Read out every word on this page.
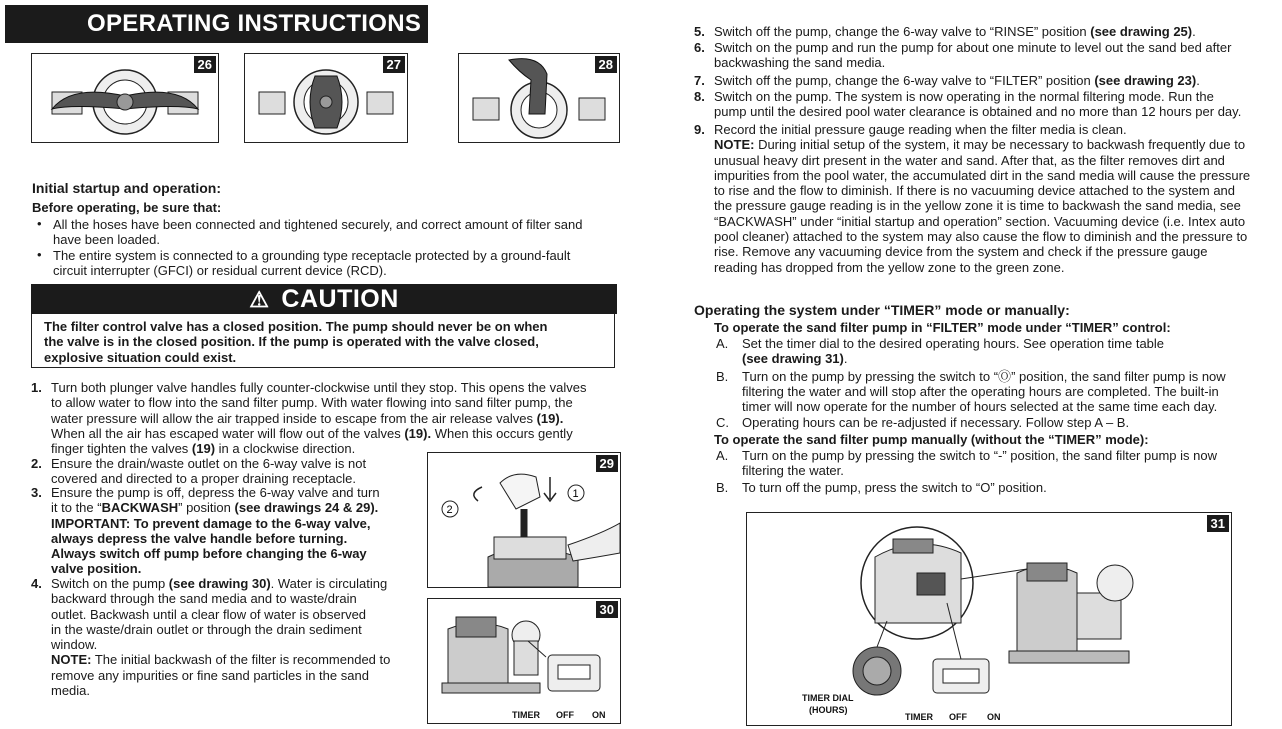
OPERATING INSTRUCTIONS
26	27	28
Initial startup and operation:
Before operating, be sure that:
• All the hoses have been connected and tightened securely, and correct amount of filter sand
have been loaded.
• The entire system is connected to a grounding type receptacle protected by a ground-fault
circuit interrupter (GFCI) or residual current device (RCD).
⚠ CAUTION
The filter control valve has a closed position. The pump should never be on when
the valve is in the closed position. If the pump is operated with the valve closed,
explosive situation could exist.
1. Turn both plunger valve handles fully counter-clockwise until they stop. This opens the valves
to allow water to flow into the sand filter pump. With water flowing into sand filter pump, the
water pressure will allow the air trapped inside to escape from the air release valves (19).
When all the air has escaped water will flow out of the valves (19). When this occurs gently
finger tighten the valves (19) in a clockwise direction.
2. Ensure the drain/waste outlet on the 6-way valve is not
covered and directed to a proper draining receptacle.
3. Ensure the pump is off, depress the 6-way valve and turn
it to the “BACKWASH” position (see drawings 24 & 29).
IMPORTANT: To prevent damage to the 6-way valve,
always depress the valve handle before turning.
Always switch off pump before changing the 6-way
valve position.
4. Switch on the pump (see drawing 30). Water is circulating
backward through the sand media and to waste/drain
outlet. Backwash until a clear flow of water is observed
in the waste/drain outlet or through the drain sediment
window.
NOTE: The initial backwash of the filter is recommended to
remove any impurities or fine sand particles in the sand
media.
29
1
2
30
TIMER OFF ON
5. Switch off the pump, change the 6-way valve to “RINSE” position (see drawing 25).
6. Switch on the pump and run the pump for about one minute to level out the sand bed after
backwashing the sand media.
7. Switch off the pump, change the 6-way valve to “FILTER” position (see drawing 23).
8. Switch on the pump. The system is now operating in the normal filtering mode. Run the
pump until the desired pool water clearance is obtained and no more than 12 hours per day.
9. Record the initial pressure gauge reading when the filter media is clean.
NOTE: During initial setup of the system, it may be necessary to backwash frequently due to
unusual heavy dirt present in the water and sand. After that, as the filter removes dirt and
impurities from the pool water, the accumulated dirt in the sand media will cause the pressure
to rise and the flow to diminish. If there is no vacuuming device attached to the system and
the pressure gauge reading is in the yellow zone it is time to backwash the sand media, see
“BACKWASH” under “initial startup and operation” section. Vacuuming device (i.e. Intex auto
pool cleaner) attached to the system may also cause the flow to diminish and the pressure to
rise. Remove any vacuuming device from the system and check if the pressure gauge
reading has dropped from the yellow zone to the green zone.
Operating the system under “TIMER” mode or manually:
To operate the sand filter pump in “FILTER” mode under “TIMER” control:
A. Set the timer dial to the desired operating hours. See operation time table
(see drawing 31).
B. Turn on the pump by pressing the switch to “Ⓞ” position, the sand filter pump is now
filtering the water and will stop after the operating hours are completed. The built-in
timer will now operate for the number of hours selected at the same time each day.
C. Operating hours can be re-adjusted if necessary. Follow step A – B.
To operate the sand filter pump manually (without the “TIMER” mode):
A. Turn on the pump by pressing the switch to “-” position, the sand filter pump is now
filtering the water.
B. To turn off the pump, press the switch to “O” position.
31
TIMER DIAL
(HOURS)
TIMER OFF ON
